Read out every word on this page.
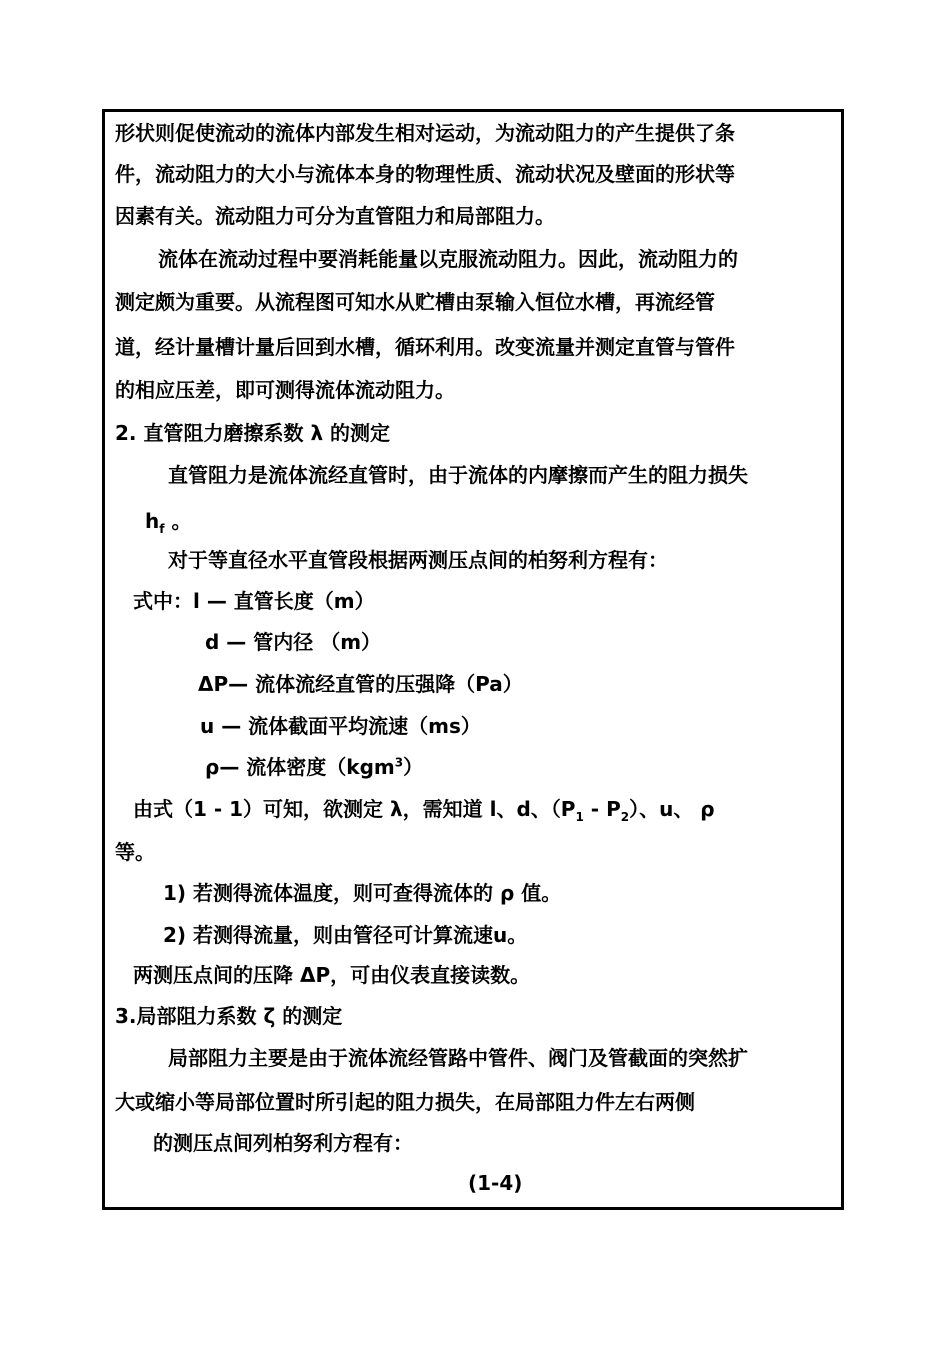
形状则促使流动的流体内部发生相对运动，为流动阻力的产生提供了条
件，流动阻力的大小与流体本身的物理性质、流动状况及壁面的形状等
因素有关。流动阻力可分为直管阻力和局部阻力。
流体在流动过程中要消耗能量以克服流动阻力。因此，流动阻力的
测定颇为重要。从流程图可知水从贮槽由泵输入恒位水槽，再流经管
道，经计量槽计量后回到水槽，循环利用。改变流量并测定直管与管件
的相应压差，即可测得流体流动阻力。
2. 直管阻力磨擦系数 λ 的测定
直管阻力是流体流经直管时，由于流体的内摩擦而产生的阻力损失
$h_f$ 。
对于等直径水平直管段根据两测压点间的柏努利方程有：
式中：l — 直管长度（m）
d — 管内径 （m）
ΔP— 流体流经直管的压强降（Pa）
u — 流体截面平均流速（ms）
ρ— 流体密度（kgm$^3$）
由式（1 - 1）可知，欲测定 λ，需知道 l、d、$(P_1 - P_2)$、u、 ρ
等。
1) 若测得流体温度，则可查得流体的 ρ 值。
2) 若测得流量，则由管径可计算流速u。
两测压点间的压降 ΔP，可由仪表直接读数。
3.局部阻力系数 ζ 的测定
局部阻力主要是由于流体流经管路中管件、阀门及管截面的突然扩
大或缩小等局部位置时所引起的阻力损失，在局部阻力件左右两侧
的测压点间列柏努利方程有：
(1-4)
